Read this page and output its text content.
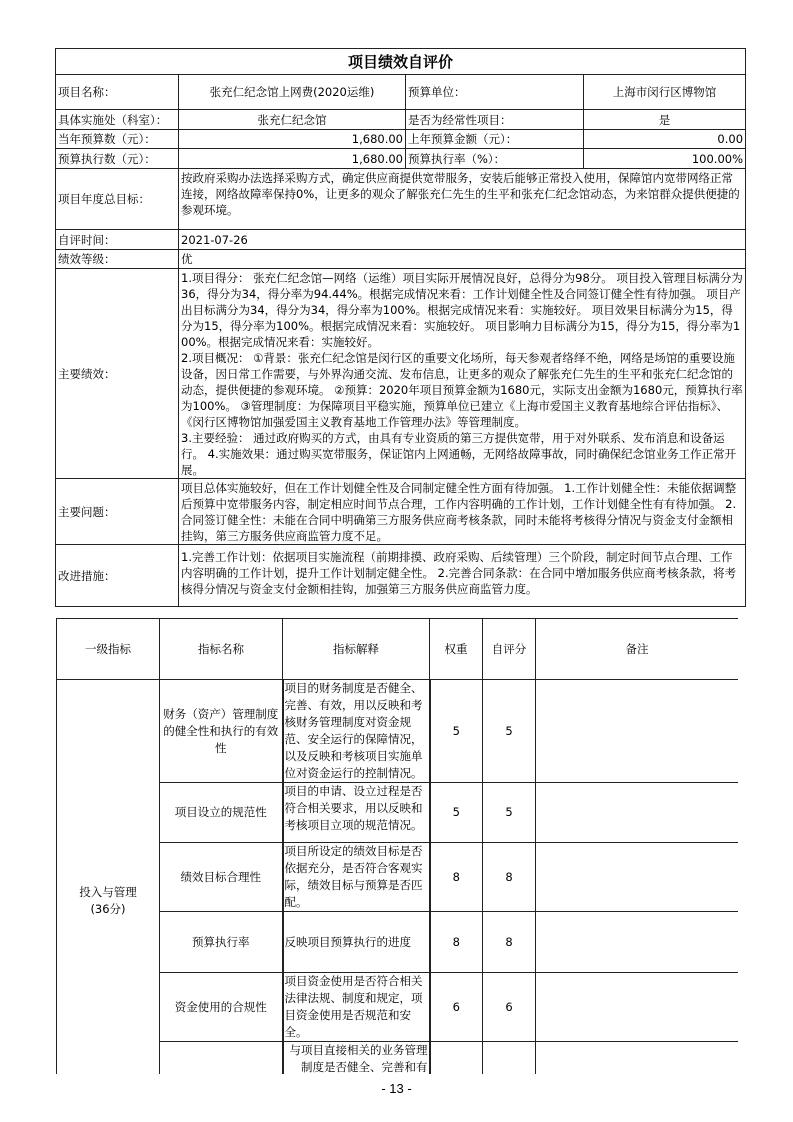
项目绩效自评价			
项目名称：	张充仁纪念馆上网费(2020运维)	预算单位：	上海市闵行区博物馆
具体实施处（科室）：	张充仁纪念馆	是否为经常性项目：	是
当年预算数（元）：	1,680.00	上年预算金额（元）：	0.00
预算执行数（元）：	1,680.00	预算执行率（%）：	100.00%
项目年度总目标：	按政府采购办法选择采购方式，确定供应商提供宽带服务，安装后能够正常投入使用，保障馆内宽带网络正常连接，网络故障率保持0%，让更多的观众了解张充仁先生的生平和张充仁纪念馆动态，为来馆群众提供便捷的参观环境。		
自评时间：	2021-07-26		
绩效等级：	优		
主要绩效：	1.项目得分： 张充仁纪念馆—网络（运维）项目实际开展情况良好，总得分为98分。 项目投入管理目标满分为36，得分为34，得分率为94.44%。根据完成情况来看：工作计划健全性及合同签订健全性有待加强。 项目产出目标满分为34，得分为34，得分率为100%。根据完成情况来看：实施较好。 项目效果目标满分为15，得分为15，得分率为100%。根据完成情况来看：实施较好。 项目影响力目标满分为15，得分为15，得分率为100%。根据完成情况来看：实施较好。
2.项目概况： ①背景：张充仁纪念馆是闵行区的重要文化场所，每天参观者络绎不绝，网络是场馆的重要设施设备，因日常工作需要，与外界沟通交流、发布信息，让更多的观众了解张充仁先生的生平和张充仁纪念馆的动态，提供便捷的参观环境。 ②预算：2020年项目预算金额为1680元，实际支出金额为1680元，预算执行率为100%。 ③管理制度：为保障项目平稳实施，预算单位已建立《上海市爱国主义教育基地综合评估指标》、《闵行区博物馆加强爱国主义教育基地工作管理办法》等管理制度。
3.主要经验： 通过政府购买的方式，由具有专业资质的第三方提供宽带，用于对外联系、发布消息和设备运行。 4.实施效果：通过购买宽带服务，保证馆内上网通畅，无网络故障事故，同时确保纪念馆业务工作正常开展。		
主要问题：	项目总体实施较好，但在工作计划健全性及合同制定健全性方面有待加强。 1.工作计划健全性：未能依据调整后预算中宽带服务内容，制定相应时间节点合理，工作内容明确的工作计划，工作计划健全性有有待加强。 2.合同签订健全性：未能在合同中明确第三方服务供应商考核条款，同时未能将考核得分情况与资金支付金额相挂钩，第三方服务供应商监管力度不足。		
改进措施：	1.完善工作计划：依据项目实施流程（前期排摸、政府采购、后续管理）三个阶段，制定时间节点合理、工作内容明确的工作计划，提升工作计划制定健全性。 2.完善合同条款：在合同中增加服务供应商考核条款，将考核得分情况与资金支付金额相挂钩，加强第三方服务供应商监管力度。		
一级指标	指标名称	指标解释	权重	自评分	备注
投入与管理
(36分)	财务（资产）管理制度的健全性和执行的有效性	项目的财务制度是否健全、完善、有效，用以反映和考核财务管理制度对资金规范、安全运行的保障情况，以及反映和考核项目实施单位对资金运行的控制情况。	5	5	
	项目设立的规范性	项目的申请、设立过程是否符合相关要求，用以反映和考核项目立项的规范情况。	5	5	
	绩效目标合理性	项目所设定的绩效目标是否依据充分，是否符合客观实际，绩效目标与预算是否匹配。	8	8	
	预算执行率	反映项目预算执行的进度	8	8	
	资金使用的合规性	项目资金使用是否符合相关法律法规、制度和规定，项目资金使用是否规范和安全。	6	6	
	与项目直接相关的业务管理制度是否健全、完善和有			
- 13 -
